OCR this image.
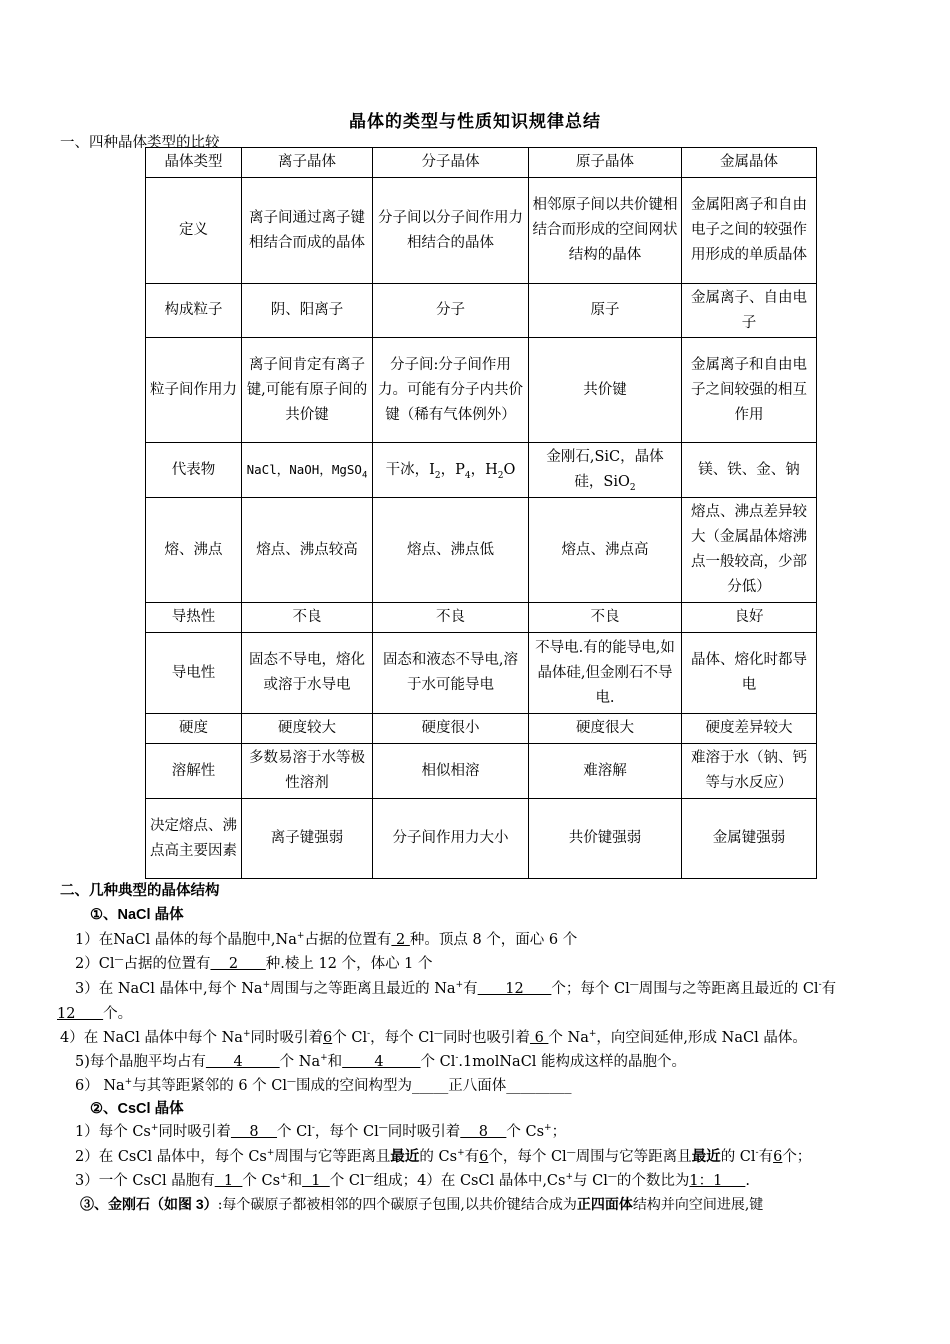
晶体的类型与性质知识规律总结
一、四种晶体类型的比较
晶体类型	离子晶体	分子晶体	原子晶体	金属晶体
定义	离子间通过离子键相结合而成的晶体	分子间以分子间作用力相结合的晶体	相邻原子间以共价键相结合而形成的空间网状结构的晶体	金属阳离子和自由电子之间的较强作用形成的单质晶体
构成粒子	阴、阳离子	分子	原子	金属离子、自由电子
粒子间作用力	离子间肯定有离子键,可能有原子间的共价键	分子间:分子间作用力。可能有分子内共价键（稀有气体例外）	共价键	金属离子和自由电子之间较强的相互作用
代表物	NaCl，NaOH，MgSO$_4$	干冰，$I_2$，$P_4$，$H_2O$	金刚石,SiC，晶体硅，SiO$_2$	镁、铁、金、钠
熔、沸点	熔点、沸点较高	熔点、沸点低	熔点、沸点高	熔点、沸点差异较大（金属晶体熔沸点一般较高，少部分低）
导热性	不良	不良	不良	良好
导电性	固态不导电，熔化或溶于水导电	固态和液态不导电,溶于水可能导电	不导电.有的能导电,如晶体硅,但金刚石不导电.	晶体、熔化时都导电
硬度	硬度较大	硬度很小	硬度很大	硬度差异较大
溶解性	多数易溶于水等极性溶剂	相似相溶	难溶解	难溶于水（钠、钙等与水反应）
决定熔点、沸点高主要因素	离子键强弱	分子间作用力大小	共价键强弱	金属键强弱
二、几种典型的晶体结构
①、NaCl 晶体
1）在NaCl 晶体的每个晶胞中,Na+占据的位置有 2 种。顶点 8 个，面心 6 个
2）Cl—占据的位置有    2      种.棱上 12 个，体心 1 个
3）在 NaCl 晶体中,每个 Na+周围与之等距离且最近的 Na+有      12      个；每个 Cl—周围与之等距离且最近的 Cl-有
12      个。
4）在 NaCl 晶体中每个 Na+同时吸引着6个 Cl-，每个 Cl—同时也吸引着 6 个 Na+，向空间延伸,形成 NaCl 晶体。
5)每个晶胞平均占有      4        个 Na+和       4        个 Cl-.1molNaCl 能构成这样的晶胞个。
6） Na+与其等距紧邻的 6 个 Cl—围成的空间构型为_____正八面体_________
②、CsCl 晶体
1）每个 Cs+同时吸引着    8    个 Cl-，每个 Cl—同时吸引着    8    个 Cs+；
2）在 CsCl 晶体中，每个 Cs+周围与它等距离且最近的 Cs+有6个，每个 Cl—周围与它等距离且最近的 Cl-有6个；
3）一个 CsCl 晶胞有  1  个 Cs+和  1  个 Cl—组成；4）在 CsCl 晶体中,Cs+与 Cl—的个数比为1：1     .
③、金刚石（如图 3）:每个碳原子都被相邻的四个碳原子包围,以共价键结合成为正四面体结构并向空间进展,键
